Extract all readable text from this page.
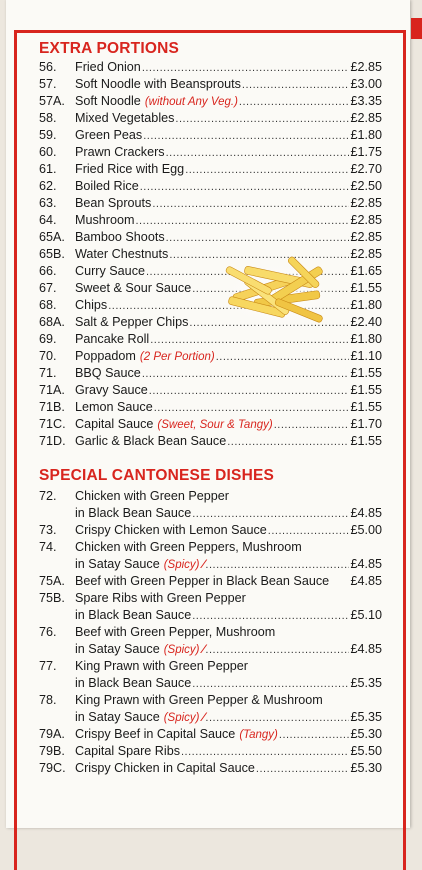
EXTRA PORTIONS
56.	Fried Onion .....	£2.85
57.	Soft Noodle with Beansprouts .....	£3.00
57A. Soft Noodle (without Any Veg.) .....	£3.35
58.	Mixed Vegetables .....	£2.85
59.	Green Peas .....	£1.80
60.	Prawn Crackers .....	£1.75
61.	Fried Rice with Egg .....	£2.70
62.	Boiled Rice .....	£2.50
63.	Bean Sprouts .....	£2.85
64.	Mushroom .....	£2.85
65A. Bamboo Shoots .....	£2.85
65B. Water Chestnuts .....	£2.85
66.	Curry Sauce .....	£1.65
67.	Sweet & Sour Sauce .....	£1.55
68.	Chips .....	£1.80
68A. Salt & Pepper Chips .....	£2.40
69.	Pancake Roll .....	£1.80
70.	Poppadom (2 Per Portion) .....	£1.10
71.	BBQ Sauce .....	£1.55
71A. Gravy Sauce .....	£1.55
71B. Lemon Sauce .....	£1.55
71C. Capital Sauce (Sweet, Sour & Tangy) .....	£1.70
71D. Garlic & Black Bean Sauce .....	£1.55
SPECIAL CANTONESE DISHES
72.	Chicken with Green Pepper
in Black Bean Sauce .....	£4.85
73.	Crispy Chicken with Lemon Sauce .....	£5.00
74.	Chicken with Green Peppers, Mushroom
in Satay Sauce (Spicy) ⁄ .....	£4.85
75A. Beef with Green Pepper in Black Bean Sauce £4.85
75B. Spare Ribs with Green Pepper
in Black Bean Sauce .....	£5.10
76.	Beef with Green Pepper, Mushroom
in Satay Sauce (Spicy) ⁄ .....	£4.85
77.	King Prawn with Green Pepper
in Black Bean Sauce .....	£5.35
78.	King Prawn with Green Pepper & Mushroom
in Satay Sauce (Spicy) ⁄ .....	£5.35
79A. Crispy Beef in Capital Sauce (Tangy) .....	£5.30
79B. Capital Spare Ribs .....	£5.50
79C. Crispy Chicken in Capital Sauce .....	£5.30
